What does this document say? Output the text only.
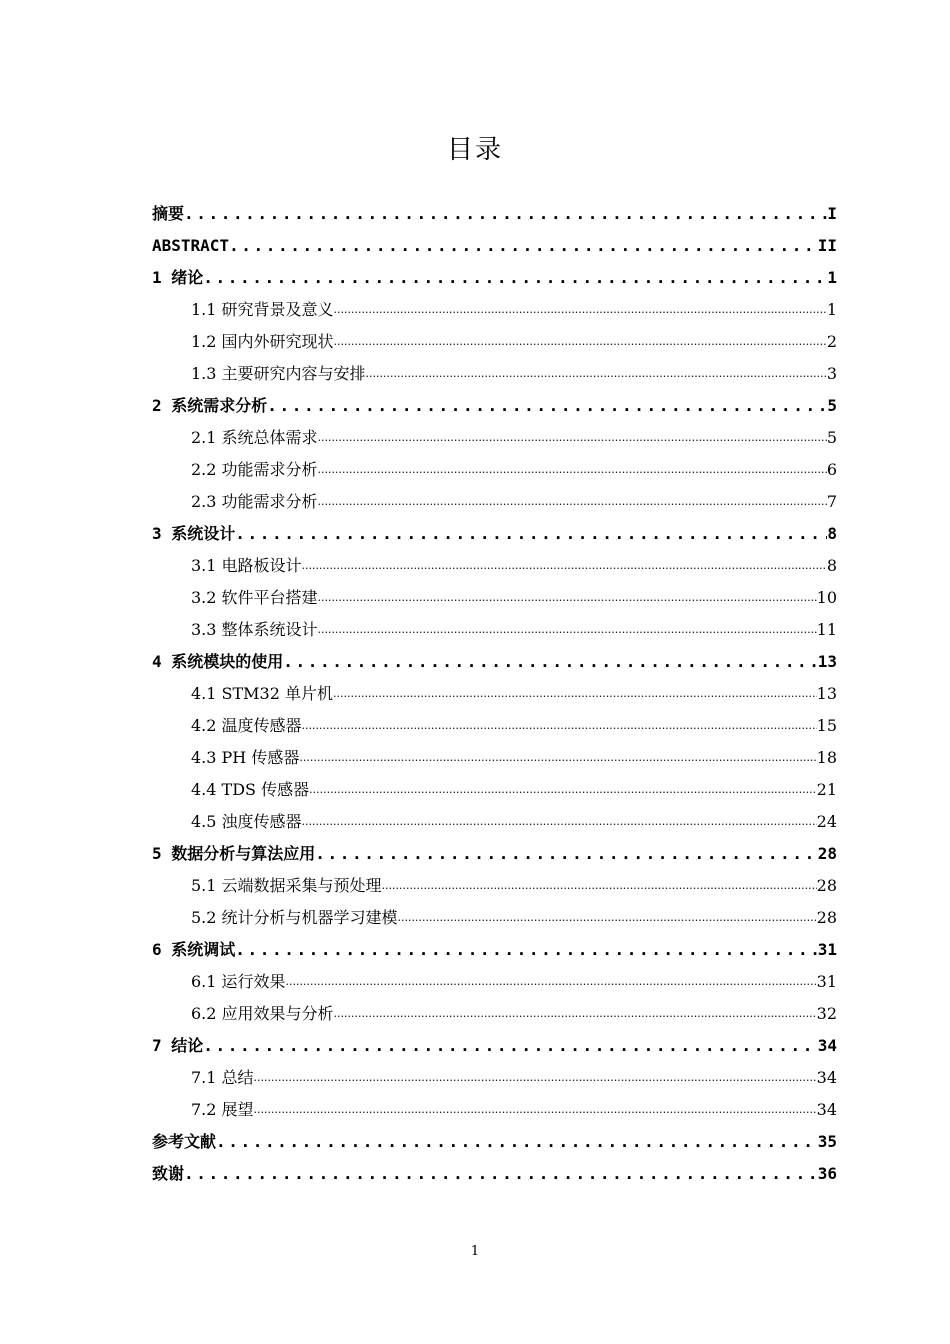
目录
摘要 .....	I
ABSTRACT .....	II
1 绪论 .....	1
1.1 研究背景及意义 .....	1
1.2 国内外研究现状 .....	2
1.3 主要研究内容与安排 .....	3
2 系统需求分析 .....	5
2.1 系统总体需求 .....	5
2.2 功能需求分析 .....	6
2.3 功能需求分析 .....	7
3 系统设计 .....	8
3.1 电路板设计 .....	8
3.2 软件平台搭建 .....	10
3.3 整体系统设计 .....	11
4 系统模块的使用 .....	13
4.1 STM32 单片机 .....	13
4.2 温度传感器 .....	15
4.3 PH 传感器 .....	18
4.4 TDS 传感器 .....	21
4.5 浊度传感器 .....	24
5 数据分析与算法应用 .....	28
5.1 云端数据采集与预处理 .....	28
5.2 统计分析与机器学习建模 .....	28
6 系统调试 .....	31
6.1 运行效果 .....	31
6.2 应用效果与分析 .....	32
7 结论 .....	34
7.1 总结 .....	34
7.2 展望 .....	34
参考文献 .....	35
致谢 .....	36
1
